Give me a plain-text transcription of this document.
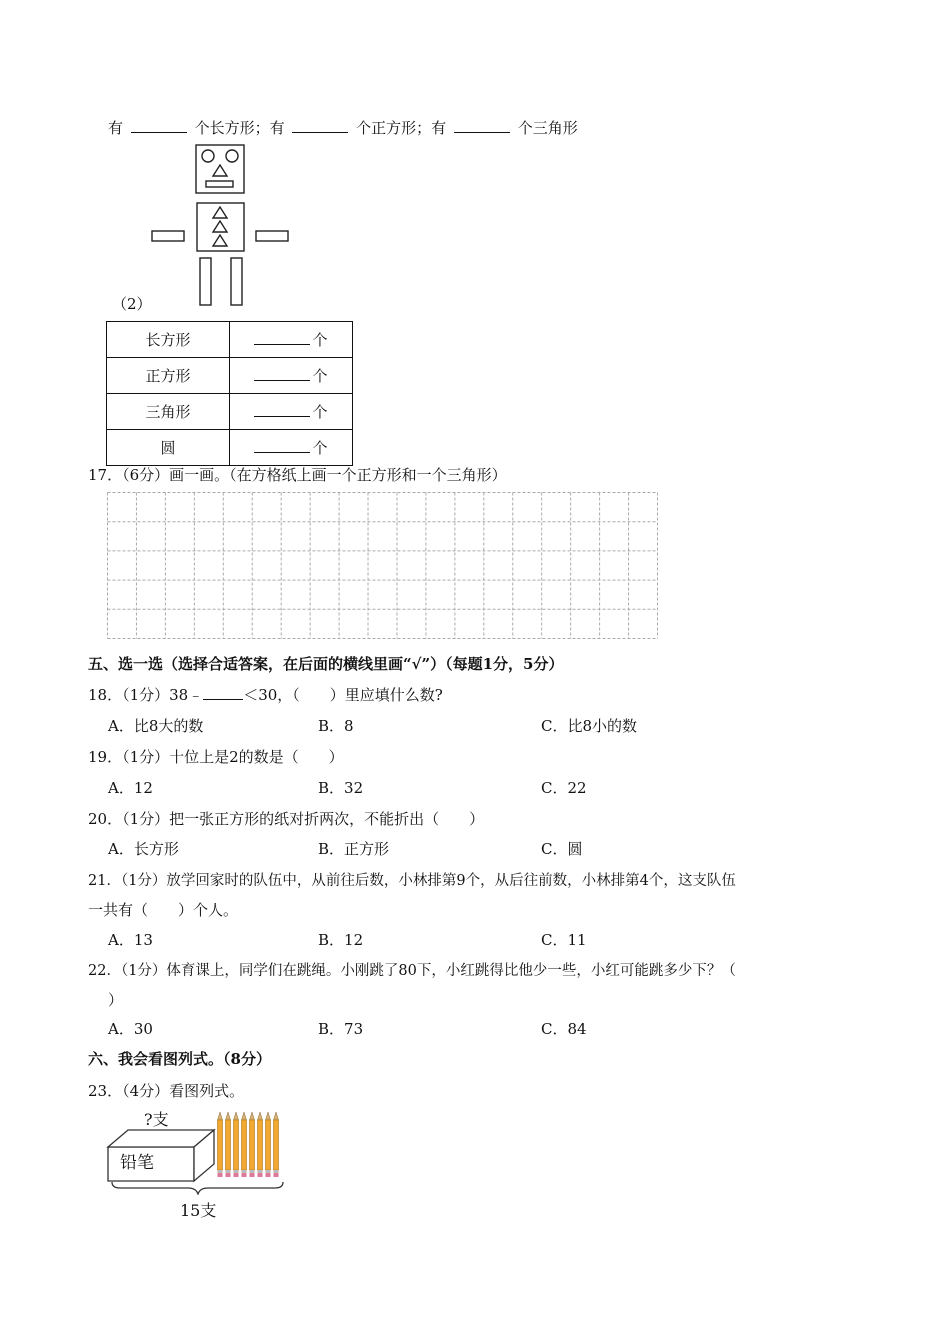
有	个长方形；有	个正方形；有	个三角形
（2）
长方形	个
正方形	个
三角形	个
圆	个
17．（6分）画一画。（在方格纸上画一个正方形和一个三角形）
五、选一选（选择合适答案，在后面的横线里画“√”）（每题1分，5分）
18．（1分）38﹣	＜30，（　　）里应填什么数?
A．比8大的数	B．8	C．比8小的数
19．（1分）十位上是2的数是（　　）
A．12	B．32	C．22
20．（1分）把一张正方形的纸对折两次，不能折出（　　）
A．长方形	B．正方形	C．圆
21．（1分）放学回家时的队伍中，从前往后数，小林排第9个，从后往前数，小林排第4个，这支队伍
一共有（　　）个人。
A．13	B．12	C．11
22．（1分）体育课上，同学们在跳绳。小刚跳了80下，小红跳得比他少一些，小红可能跳多少下？（
）
A．30	B．73	C．84
六、我会看图列式。（8分）
23．（4分）看图列式。
?支
铅笔
15支
